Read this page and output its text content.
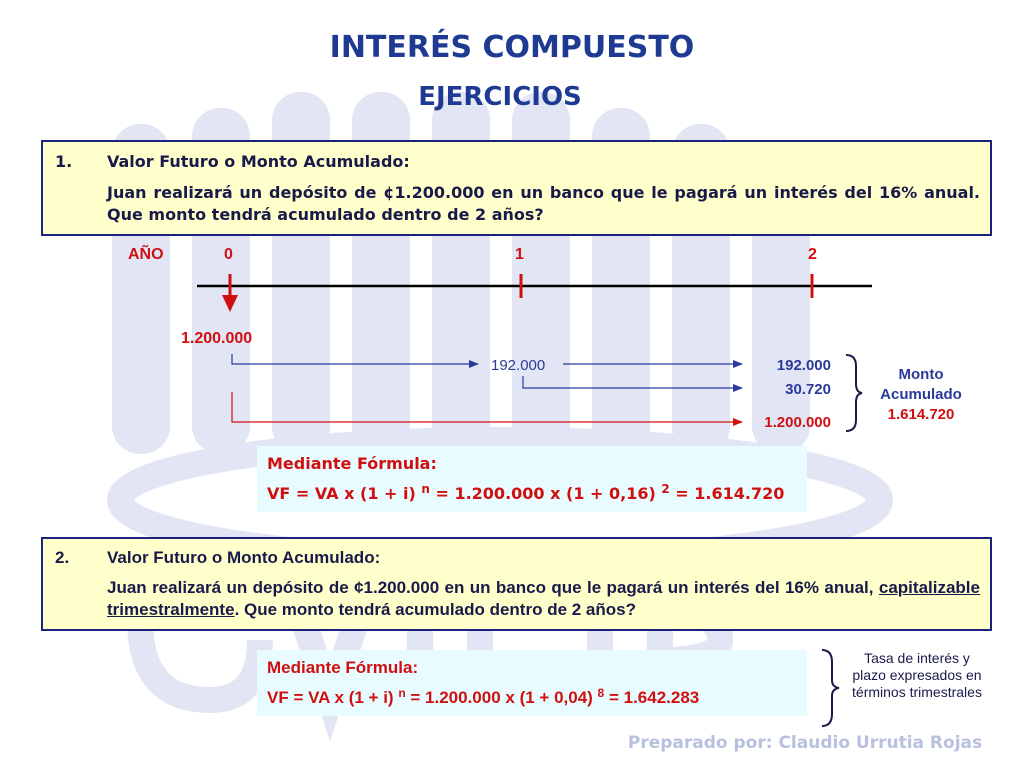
INTERÉS COMPUESTO
EJERCICIOS
1. Valor Futuro o Monto Acumulado:
Juan realizará un depósito de ¢1.200.000 en un banco que le pagará un interés del 16% anual. Que monto tendrá acumulado dentro de 2 años?
AÑO	0	1	2
1.200.000
192.000	192.000
30.720
1.200.000
Monto
Acumulado
1.614.720
Mediante Fórmula:
VF = VA x (1 + i) $^n$ = 1.200.000 x (1 + 0,16) $^2$ = 1.614.720
2. Valor Futuro o Monto Acumulado:
Juan realizará un depósito de ¢1.200.000 en un banco que le pagará un interés del 16% anual, capitalizable trimestralmente. Que monto tendrá acumulado dentro de 2 años?
Mediante Fórmula:
VF = VA x (1 + i) $^n$ = 1.200.000 x (1 + 0,04) $^8$ = 1.642.283
Tasa de interés y plazo expresados en términos trimestrales
Preparado por: Claudio Urrutia Rojas
